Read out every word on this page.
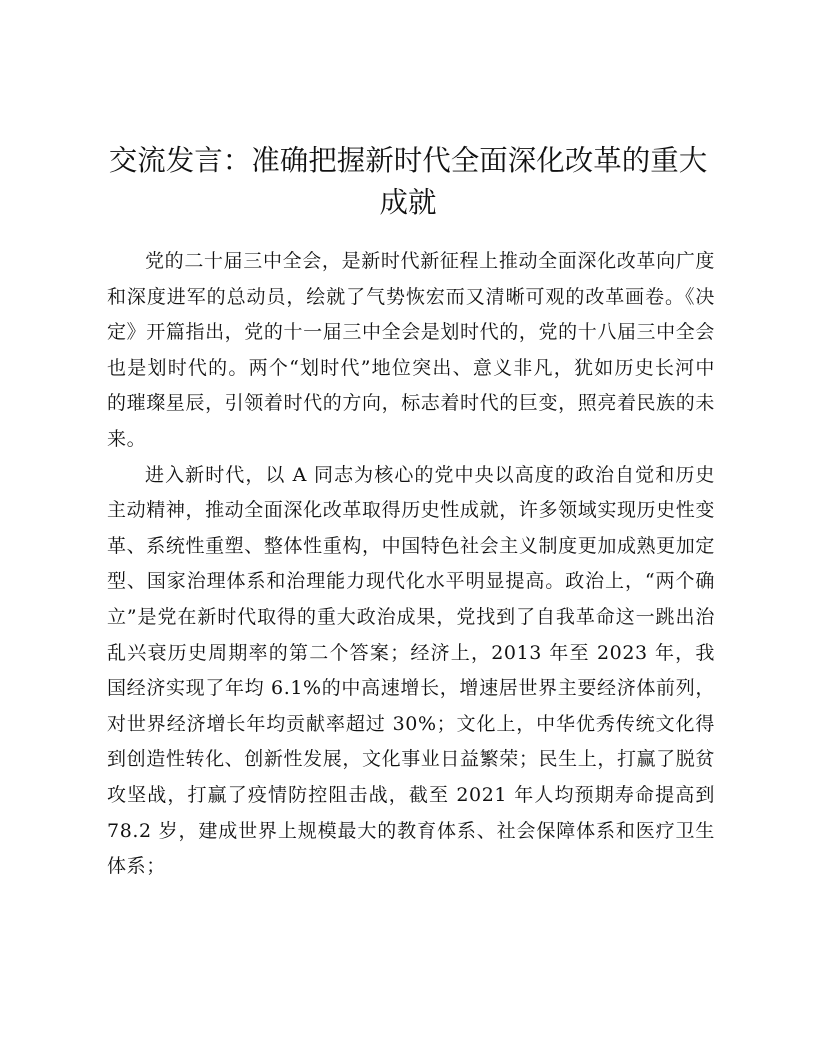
交流发言：准确把握新时代全面深化改革的重大成就

党的二十届三中全会，是新时代新征程上推动全面深化改革向广度和深度进军的总动员，绘就了气势恢宏而又清晰可观的改革画卷。《决定》开篇指出，党的十一届三中全会是划时代的，党的十八届三中全会也是划时代的。两个“划时代”地位突出、意义非凡，犹如历史长河中的璀璨星辰，引领着时代的方向，标志着时代的巨变，照亮着民族的未来。

进入新时代，以 A 同志为核心的党中央以高度的政治自觉和历史主动精神，推动全面深化改革取得历史性成就，许多领域实现历史性变革、系统性重塑、整体性重构，中国特色社会主义制度更加成熟更加定型、国家治理体系和治理能力现代化水平明显提高。政治上，“两个确立”是党在新时代取得的重大政治成果，党找到了自我革命这一跳出治乱兴衰历史周期率的第二个答案；经济上，2013 年至 2023 年，我国经济实现了年均 6.1%的中高速增长，增速居世界主要经济体前列，对世界经济增长年均贡献率超过 30%；文化上，中华优秀传统文化得到创造性转化、创新性发展，文化事业日益繁荣；民生上，打赢了脱贫攻坚战，打赢了疫情防控阻击战，截至 2021 年人均预期寿命提高到 78.2 岁，建成世界上规模最大的教育体系、社会保障体系和医疗卫生体系；
